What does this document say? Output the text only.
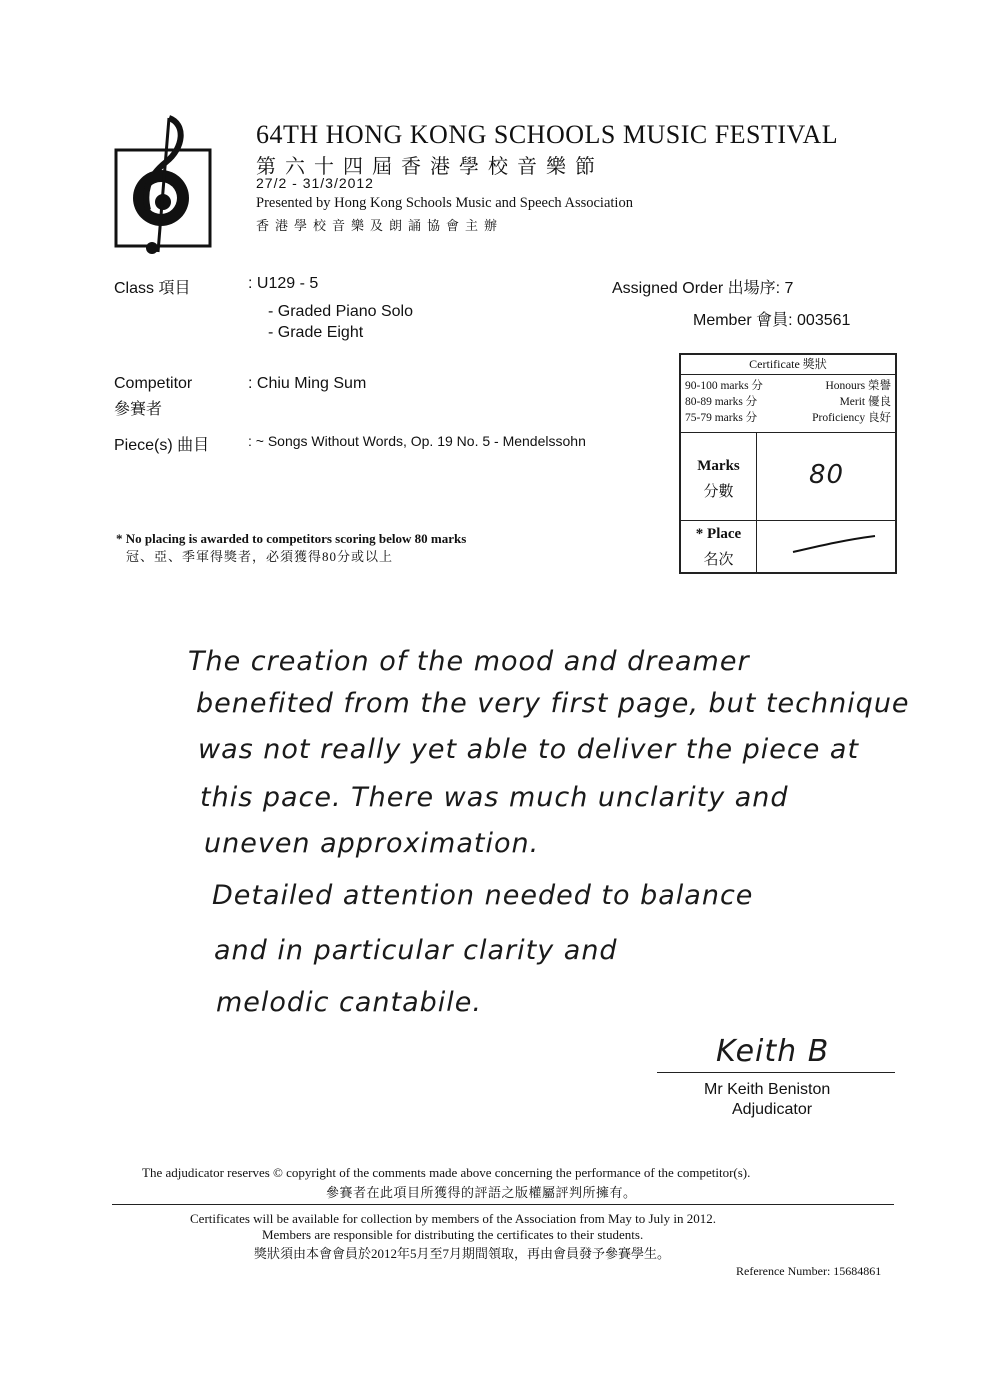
64TH HONG KONG SCHOOLS MUSIC FESTIVAL
第六十四屆香港學校音樂節
27/2 - 31/3/2012
Presented by Hong Kong Schools Music and Speech Association
香港學校音樂及朗誦協會主辦
Class 項目	: U129 - 5
- Graded Piano Solo
- Grade Eight
Assigned Order 出場序: 7
Member 會員: 003561
Competitor
參賽者
: Chiu Ming Sum
Piece(s) 曲目	: ~ Songs Without Words, Op. 19 No. 5 - Mendelssohn
Certificate 獎狀
90-100 marks 分	Honours 榮譽
80-89 marks 分	Merit 優良
75-79 marks 分	Proficiency 良好
Marks
分數
80
* Place
名次
* No placing is awarded to competitors scoring below 80 marks
冠、亞、季軍得獎者，必須獲得80分或以上
The creation of the mood and dreamer
benefited from the very first page, but technique
was not really yet able to deliver the piece at
this pace. There was much unclarity and
uneven approximation.
Detailed attention needed to balance
and in particular clarity and
melodic cantabile.
Keith B
Mr Keith Beniston
Adjudicator
The adjudicator reserves © copyright of the comments made above concerning the performance of the competitor(s).
參賽者在此項目所獲得的評語之版權屬評判所擁有。
Certificates will be available for collection by members of the Association from May to July in 2012.
Members are responsible for distributing the certificates to their students.
獎狀須由本會會員於2012年5月至7月期間領取，再由會員發予參賽學生。
Reference Number: 15684861
